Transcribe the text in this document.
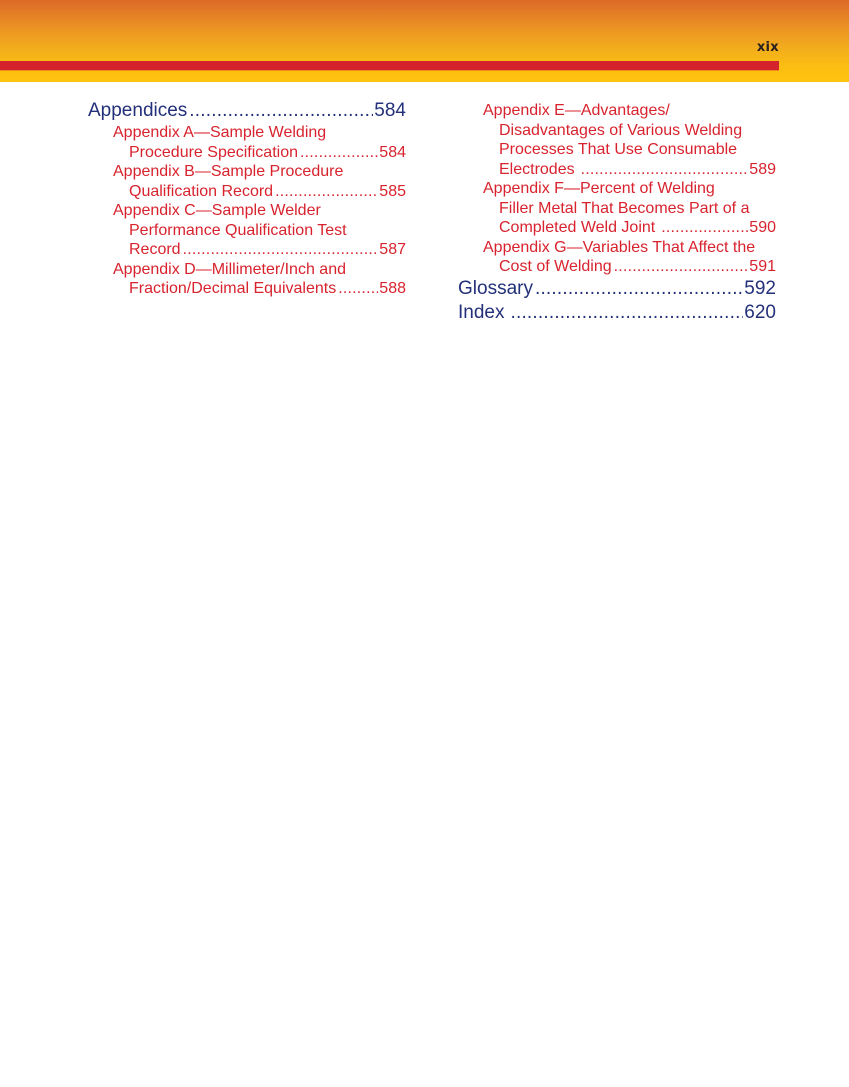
xix
Appendices .....	584
Appendix A—Sample Welding
Procedure Specification .....	584
Appendix B—Sample Procedure
Qualification Record .....	585
Appendix C—Sample Welder
Performance Qualification Test
Record .....	587
Appendix D—Millimeter/Inch and
Fraction/Decimal Equivalents .....	588
Appendix E—Advantages/
Disadvantages of Various Welding
Processes That Use Consumable
Electrodes .....	589
Appendix F—Percent of Welding
Filler Metal That Becomes Part of a
Completed Weld Joint .....	590
Appendix G—Variables That Affect the
Cost of Welding .....	591
Glossary .....	592
Index .....	620
